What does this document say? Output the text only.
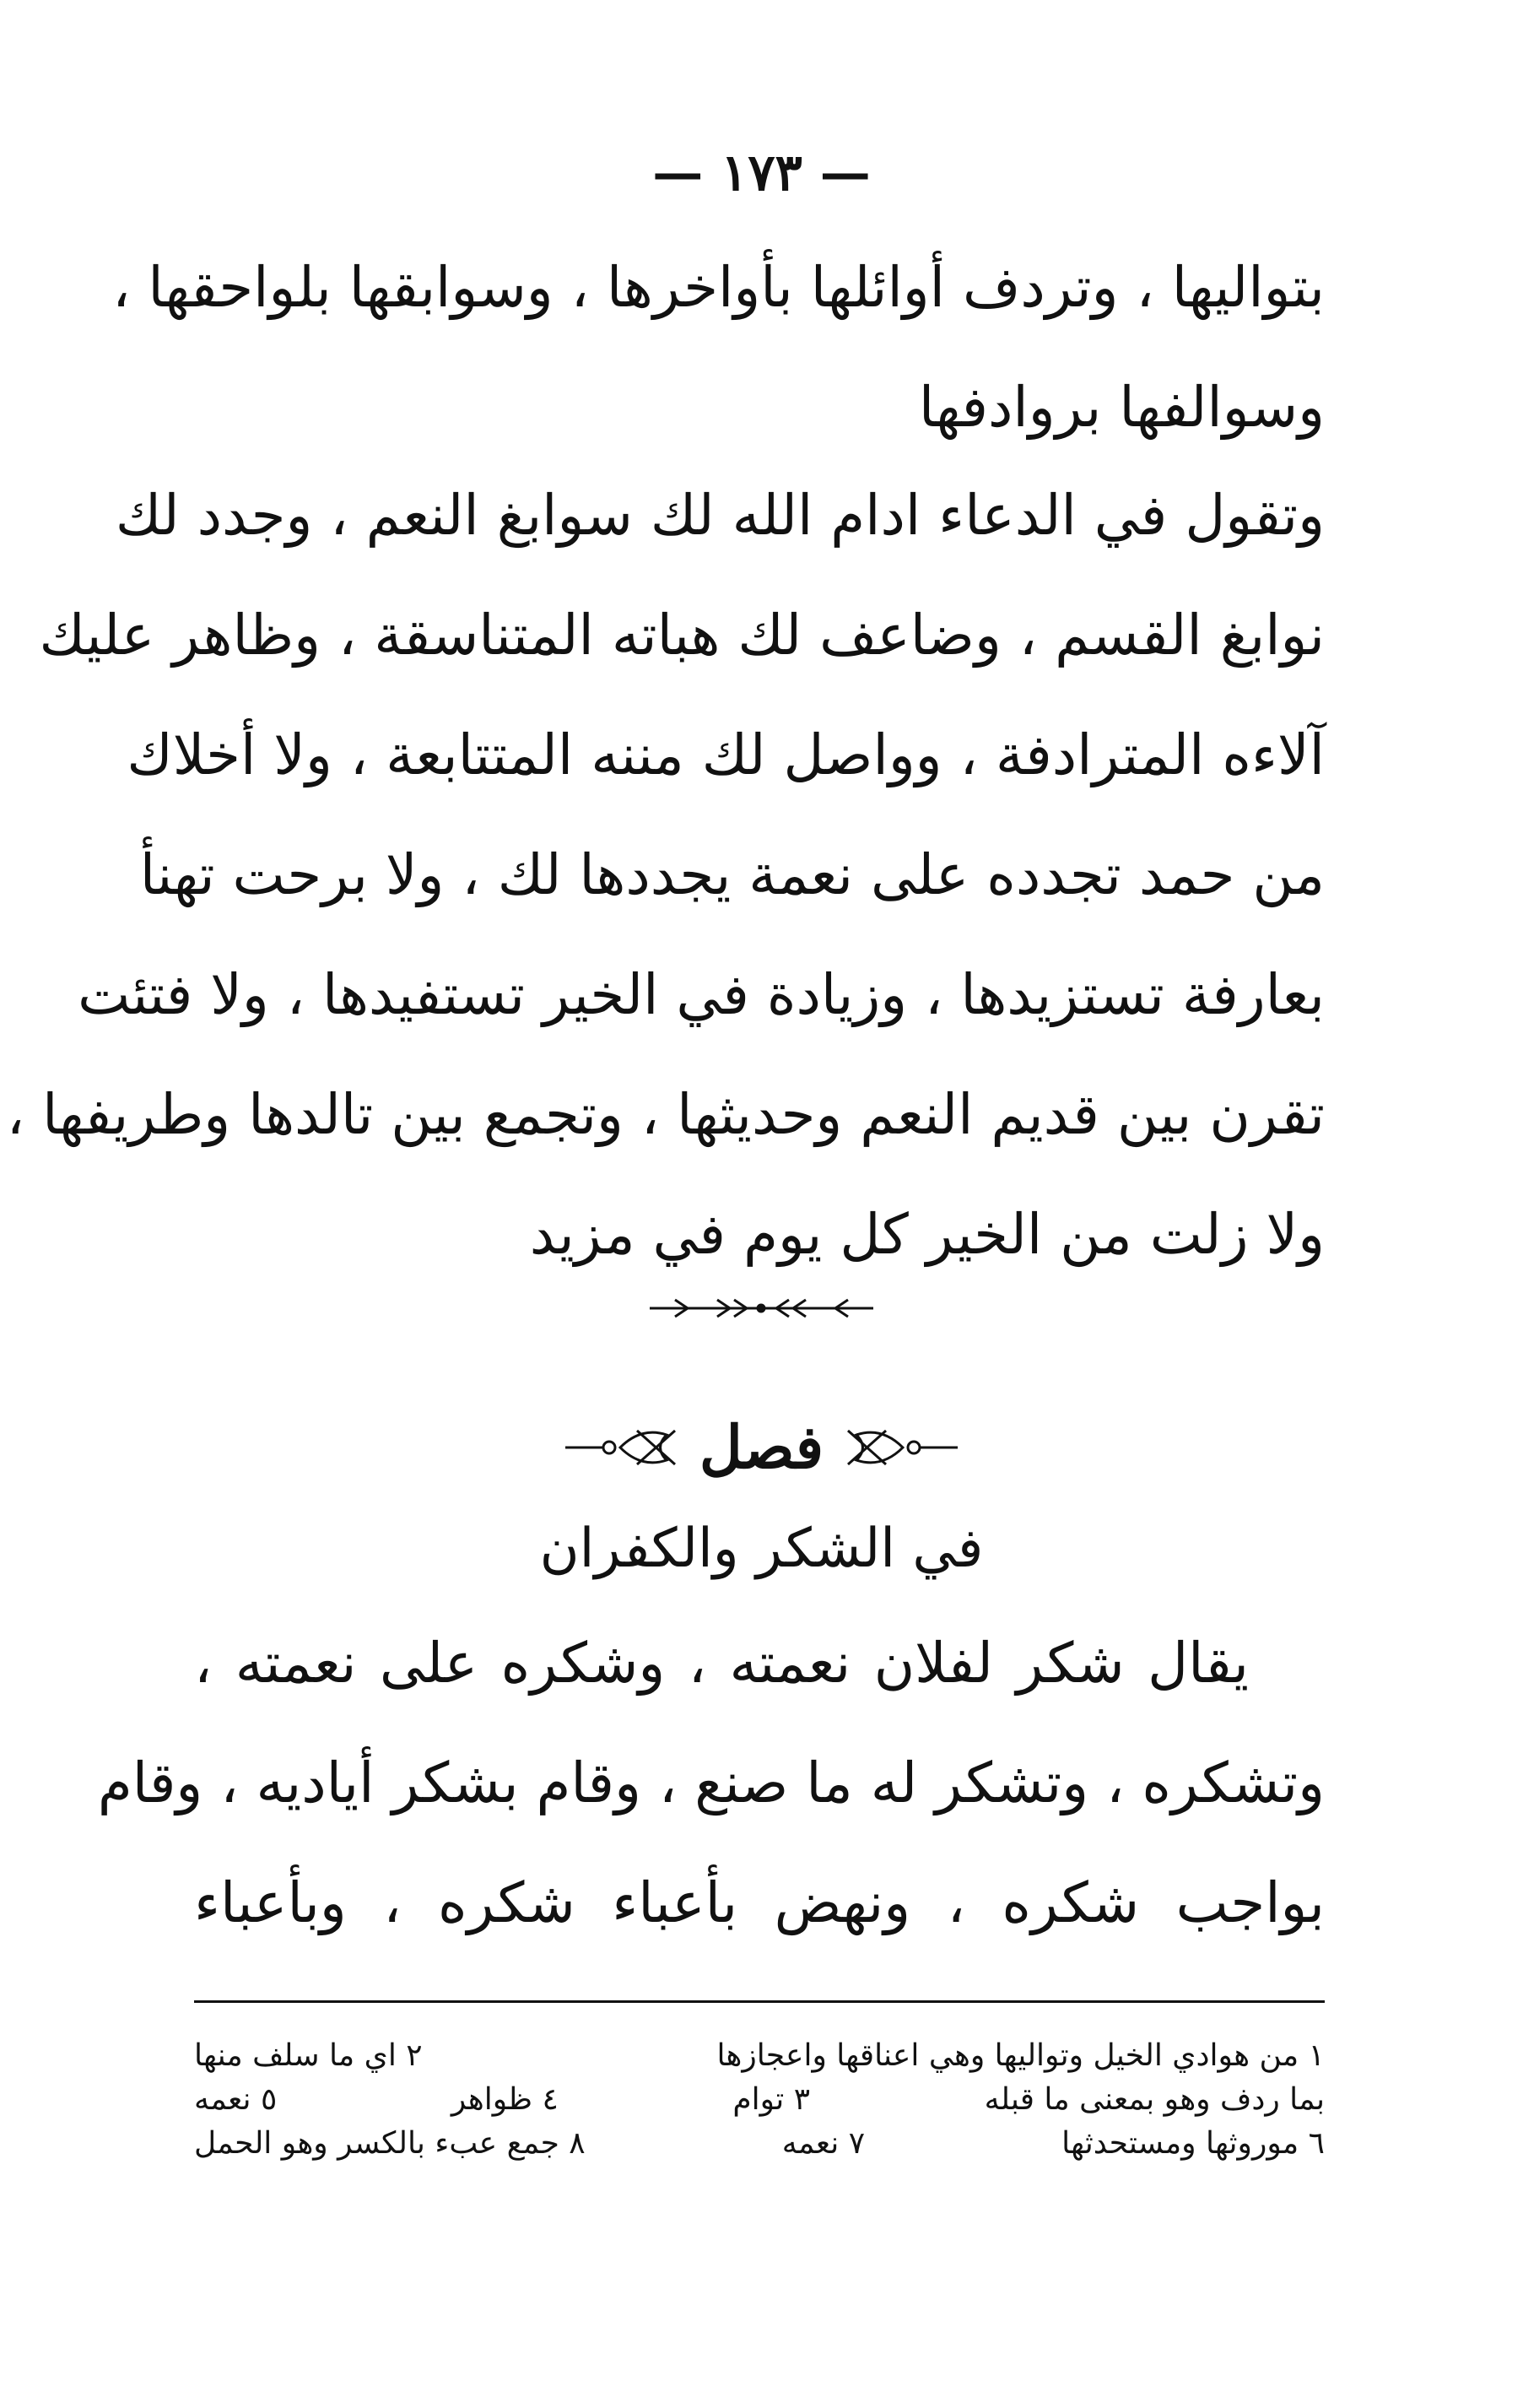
— ١٧٣ —
بتواليها ، وتردف أوائلها بأواخرها ، وسوابقها بلواحقها ،
وسوالفها بروادفها
وتقول في الدعاء ادام الله لك سوابغ النعم ، وجدد لك
نوابغ القسم ، وضاعف لك هباته المتناسقة ، وظاهر عليك
آلاءه المترادفة ، وواصل لك مننه المتتابعة ، ولا أخلاك
من حمد تجدده على نعمة يجددها لك ، ولا برحت تهنأ
بعارفة تستزيدها ، وزيادة في الخير تستفيدها ، ولا فتئت
تقرن بين قديم النعم وحديثها ، وتجمع بين تالدها وطريفها ،
ولا زلت من الخير كل يوم في مزيد
فصل
في الشكر والكفران
يقال شكر لفلان نعمته ، وشكره على نعمته ،
وتشكره ، وتشكر له ما صنع ، وقام بشكر أياديه ، وقام
بواجب شكره ، ونهض بأعباء شكره ، وبأعباء
١ من هوادي الخيل وتواليها وهي اعناقها واعجازها
٢ اي ما سلف منها
بما ردف وهو بمعنى ما قبله
٣ توام
٤ ظواهر
٥ نعمه
٦ موروثها ومستحدثها
٧ نعمه
٨ جمع عبء بالكسر وهو الحمل
